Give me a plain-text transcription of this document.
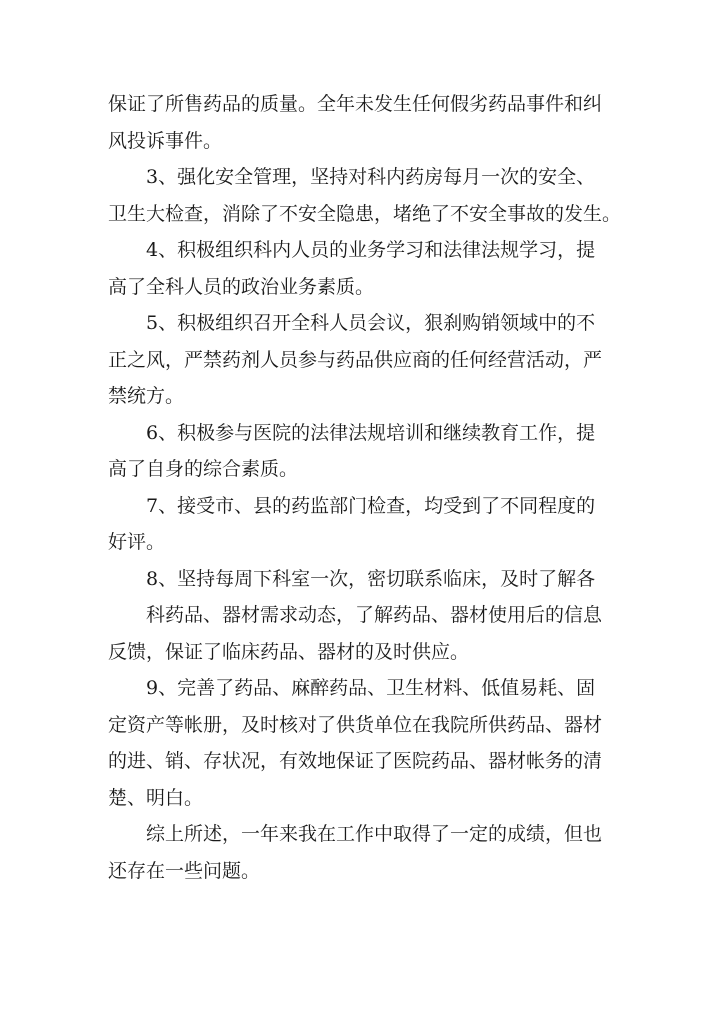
保证了所售药品的质量。全年未发生任何假劣药品事件和纠

风投诉事件。

3、强化安全管理，坚持对科内药房每月一次的安全、

卫生大检查，消除了不安全隐患，堵绝了不安全事故的发生。

4、积极组织科内人员的业务学习和法律法规学习，提

高了全科人员的政治业务素质。

5、积极组织召开全科人员会议，狠刹购销领域中的不

正之风，严禁药剂人员参与药品供应商的任何经营活动，严

禁统方。

6、积极参与医院的法律法规培训和继续教育工作，提

高了自身的综合素质。

7、接受市、县的药监部门检查，均受到了不同程度的

好评。

8、坚持每周下科室一次，密切联系临床，及时了解各

科药品、器材需求动态，了解药品、器材使用后的信息

反馈，保证了临床药品、器材的及时供应。

9、完善了药品、麻醉药品、卫生材料、低值易耗、固

定资产等帐册，及时核对了供货单位在我院所供药品、器材

的进、销、存状况，有效地保证了医院药品、器材帐务的清

楚、明白。

综上所述，一年来我在工作中取得了一定的成绩，但也

还存在一些问题。
